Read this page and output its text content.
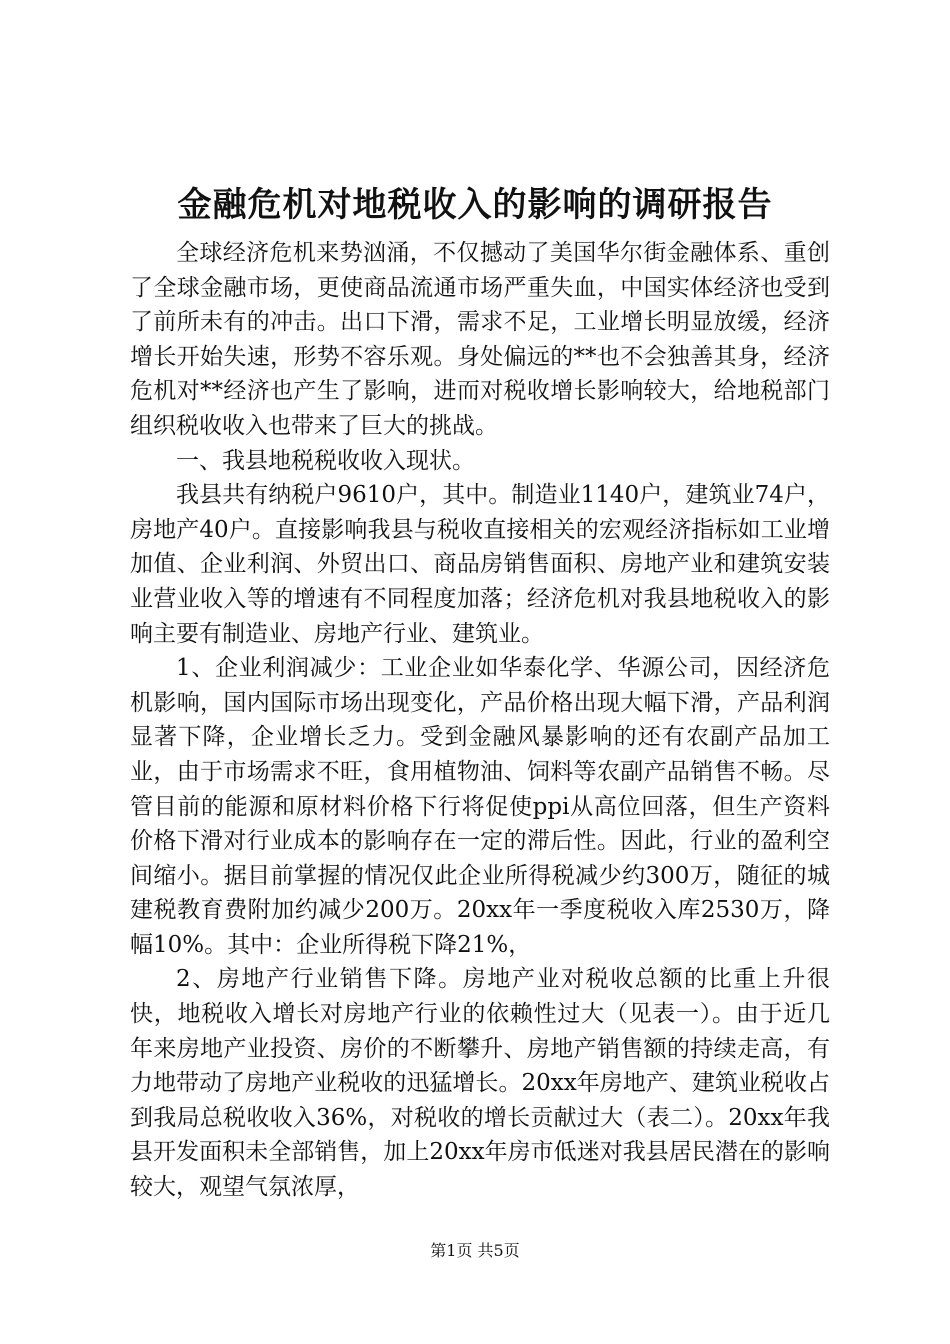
金融危机对地税收入的影响的调研报告

全球经济危机来势汹涌，不仅撼动了美国华尔街金融体系、重创了全球金融市场，更使商品流通市场严重失血，中国实体经济也受到了前所未有的冲击。出口下滑，需求不足，工业增长明显放缓，经济增长开始失速，形势不容乐观。身处偏远的**也不会独善其身，经济危机对**经济也产生了影响，进而对税收增长影响较大，给地税部门组织税收收入也带来了巨大的挑战。

一、我县地税税收收入现状。

我县共有纳税户9610户，其中。制造业1140户，建筑业74户，房地产40户。直接影响我县与税收直接相关的宏观经济指标如工业增加值、企业利润、外贸出口、商品房销售面积、房地产业和建筑安装业营业收入等的增速有不同程度加落；经济危机对我县地税收入的影响主要有制造业、房地产行业、建筑业。

1、企业利润减少：工业企业如华泰化学、华源公司，因经济危机影响，国内国际市场出现变化，产品价格出现大幅下滑，产品利润显著下降，企业增长乏力。受到金融风暴影响的还有农副产品加工业，由于市场需求不旺，食用植物油、饲料等农副产品销售不畅。尽管目前的能源和原材料价格下行将促使ppi从高位回落，但生产资料价格下滑对行业成本的影响存在一定的滞后性。因此，行业的盈利空间缩小。据目前掌握的情况仅此企业所得税减少约300万，随征的城建税教育费附加约减少200万。20xx年一季度税收入库2530万，降幅10%。其中：企业所得税下降21%，

2、房地产行业销售下降。房地产业对税收总额的比重上升很快，地税收入增长对房地产行业的依赖性过大（见表一）。由于近几年来房地产业投资、房价的不断攀升、房地产销售额的持续走高，有力地带动了房地产业税收的迅猛增长。20xx年房地产、建筑业税收占到我局总税收收入36%，对税收的增长贡献过大（表二）。20xx年我县开发面积未全部销售，加上20xx年房市低迷对我县居民潜在的影响较大，观望气氛浓厚，

第1页 共5页
